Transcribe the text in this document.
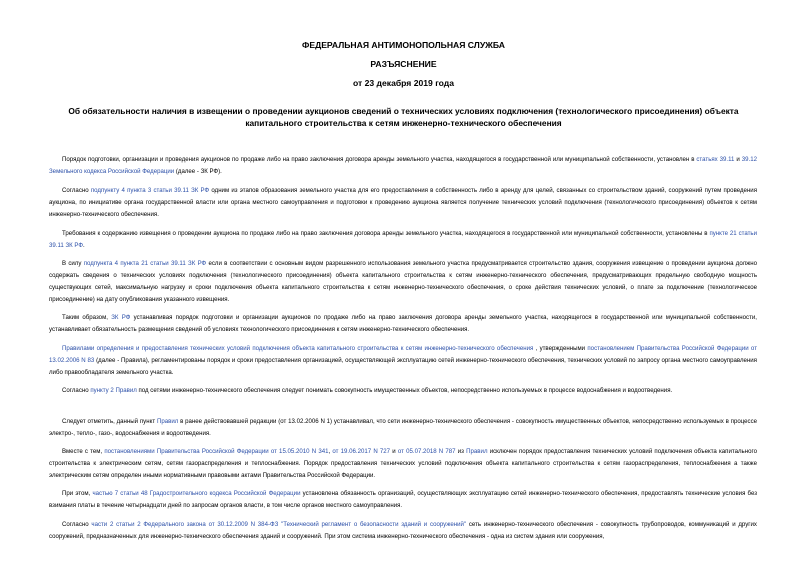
ФЕДЕРАЛЬНАЯ АНТИМОНОПОЛЬНАЯ СЛУЖБА
РАЗЪЯСНЕНИЕ
от 23 декабря 2019 года
Об обязательности наличия в извещении о проведении аукционов сведений о технических условиях подключения (технологического присоединения) объекта капитального строительства к сетям инженерно-технического обеспечения
Порядок подготовки, организации и проведения аукционов по продаже либо на право заключения договора аренды земельного участка, находящегося в государственной или муниципальной собственности, установлен в статьях 39.11 и 39.12 Земельного кодекса Российской Федерации (далее - ЗК РФ).
Согласно подпункту 4 пункта 3 статьи 39.11 ЗК РФ одним из этапов образования земельного участка для его предоставления в собственность либо в аренду для целей, связанных со строительством зданий, сооружений путем проведения аукциона, по инициативе органа государственной власти или органа местного самоуправления и подготовки к проведению аукциона является получение технических условий подключения (технологического присоединения) объектов к сетям инженерно-технического обеспечения.
Требования к содержанию извещения о проведении аукциона по продаже либо на право заключения договора аренды земельного участка, находящегося в государственной или муниципальной собственности, установлены в пункте 21 статьи 39.11 ЗК РФ.
В силу подпункта 4 пункта 21 статьи 39.11 ЗК РФ если в соответствии с основным видом разрешенного использования земельного участка предусматривается строительство здания, сооружения извещение о проведении аукциона должно содержать сведения о технических условиях подключения (технологического присоединения) объекта капитального строительства к сетям инженерно-технического обеспечения, предусматривающих предельную свободную мощность существующих сетей, максимальную нагрузку и сроки подключения объекта капитального строительства к сетям инженерно-технического обеспечения, о сроке действия технических условий, о плате за подключение (технологическое присоединение) на дату опубликования указанного извещения.
Таким образом, ЗК РФ устанавливая порядок подготовки и организации аукционов по продаже либо на право заключения договора аренды земельного участка, находящегося в государственной или муниципальной собственности, устанавливает обязательность размещения сведений об условиях технологического присоединения к сетям инженерно-технического обеспечения.
Правилами определения и предоставления технических условий подключения объекта капитального строительства к сетям инженерно-технического обеспечения , утвержденными постановлением Правительства Российской Федерации от 13.02.2006 N 83 (далее - Правила), регламентированы порядок и сроки предоставления организацией, осуществляющей эксплуатацию сетей инженерно-технического обеспечения, технических условий по запросу органа местного самоуправления либо правообладателя земельного участка.
Согласно пункту 2 Правил под сетями инженерно-технического обеспечения следует понимать совокупность имущественных объектов, непосредственно используемых в процессе водоснабжения и водоотведения.
Следует отметить, данный пункт Правил в ранее действовавшей редакции (от 13.02.2006 N 1) устанавливал, что сети инженерно-технического обеспечения - совокупность имущественных объектов, непосредственно используемых в процессе электро-, тепло-, газо-, водоснабжения и водоотведения.
Вместе с тем, постановлениями Правительства Российской Федерации от 15.05.2010 N 341, от 19.06.2017 N 727 и от 05.07.2018 N 787 из Правил исключен порядок предоставления технических условий подключения объекта капитального строительства к электрическим сетям, сетям газораспределения и теплоснабжения. Порядок предоставления технических условий подключения объекта капитального строительства к сетям газораспределения, теплоснабжения а также электрическим сетям определен иными нормативными правовыми актами Правительства Российской Федерации.
При этом, частью 7 статьи 48 Градостроительного кодекса Российской Федерации установлена обязанность организаций, осуществляющих эксплуатацию сетей инженерно-технического обеспечения, предоставлять технические условия без взимания платы в течение четырнадцати дней по запросам органов власти, в том числе органов местного самоуправления.
Согласно части 2 статьи 2 Федерального закона от 30.12.2009 N 384-ФЗ "Технический регламент о безопасности зданий и сооружений" сеть инженерно-технического обеспечения - совокупность трубопроводов, коммуникаций и других сооружений, предназначенных для инженерно-технического обеспечения зданий и сооружений. При этом система инженерно-технического обеспечения - одна из систем здания или сооружения,
